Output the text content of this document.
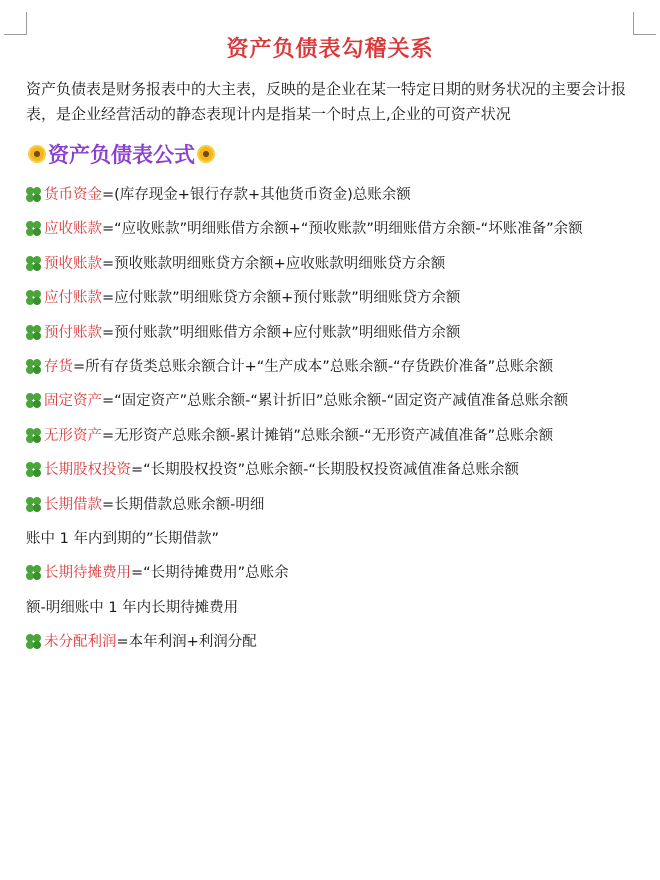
资产负债表勾稽关系
资产负债表是财务报表中的大主表，反映的是企业在某一特定日期的财务状况的主要会计报表，是企业经营活动的静态表现计内是指某一个时点上,企业的可资产状况
资产负债表公式
货币资金 =(库存现金+银行存款+其他货币资金)总账余额
应收账款 =“应收账款”明细账借方余额+“预收账款”明细账借方余额-“坏账准备”余额
预收账款 =预收账款明细账贷方余额+应收账款明细账贷方余额
应付账款 =应付账款”明细账贷方余额+预付账款”明细账贷方余额
预付账款 =预付账款”明细账借方余额+应付账款”明细账借方余额
存货 =所有存货类总账余额合计+“生产成本”总账余额-“存货跌价准备”总账余额
固定资产 =“固定资产”总账余额-“累计折旧”总账余额-“固定资产减值准备总账余额
无形资产 =无形资产总账余额-累计摊销”总账余额-“无形资产减值准备”总账余额
长期股权投资 =“长期股权投资”总账余额-“长期股权投资减值准备总账余额
长期借款 =长期借款总账余额-明细
账中 1 年内到期的”长期借款”
长期待摊费用 =“长期待摊费用”总账余
额-明细账中 1 年内长期待摊费用
未分配利润 =本年利润+利润分配
